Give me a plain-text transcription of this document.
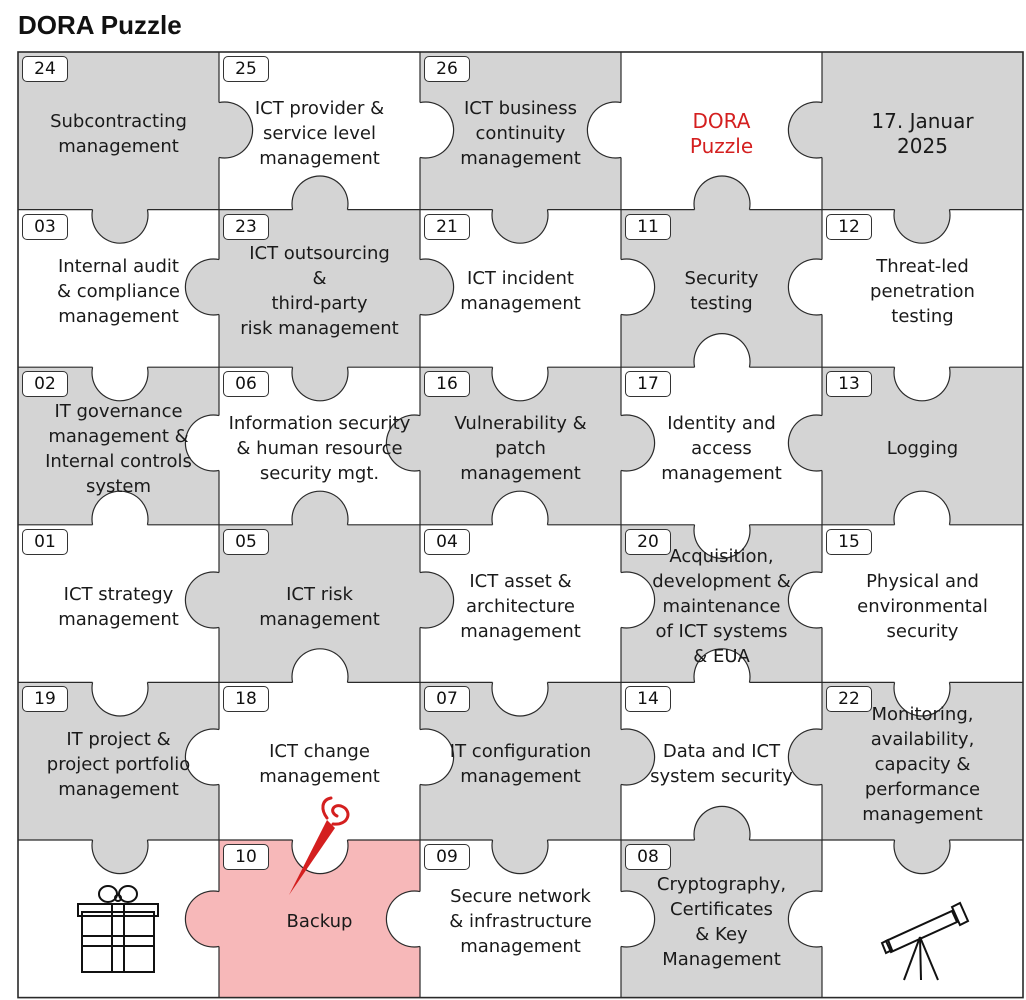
DORA Puzzle
24
Subcontracting
management
25
ICT provider &
service level
management
26
ICT business
continuity
management
DORA
Puzzle
17. Januar
2025
03
Internal audit
& compliance
management
23
ICT outsourcing
&
third-party
risk management
21
ICT incident
management
11
Security
testing
12
Threat-led
penetration
testing
02
IT governance
management &
Internal controls
system
06
Information security
& human resource
security mgt.
16
Vulnerability &
patch
management
17
Identity and
access
management
13
Logging
01
ICT strategy
management
05
ICT risk
management
04
ICT asset &
architecture
management
20
Acquisition,
development &
maintenance
of ICT systems
& EUA
15
Physical and
environmental
security
19
IT project &
project portfolio
management
18
ICT change
management
07
IT configuration
management
14
Data and ICT
system security
22
Monitoring,
availability,
capacity &
performance
management
10
Backup
09
Secure network
& infrastructure
management
08
Cryptography,
Certificates
& Key
Management
